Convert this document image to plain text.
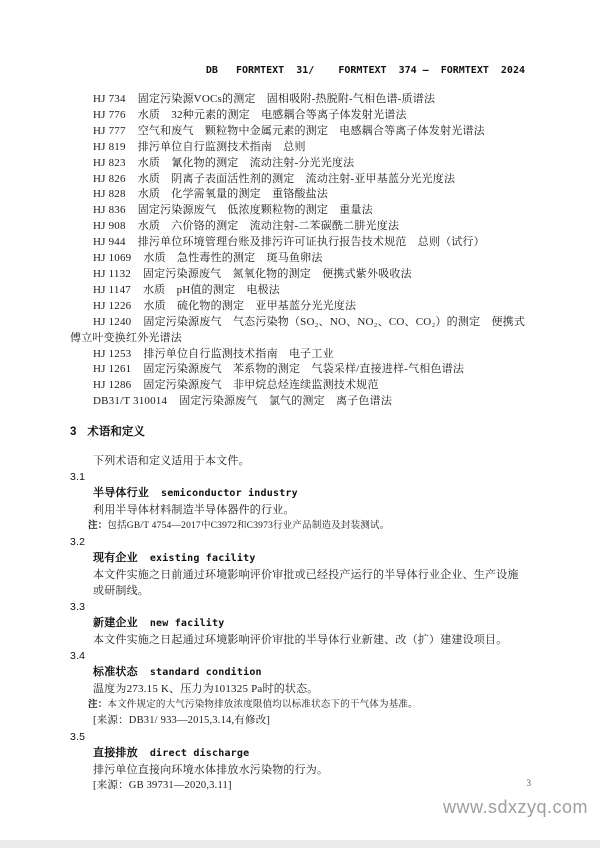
DB   FORMTEXT  31/    FORMTEXT  374 —  FORMTEXT  2024

HJ 734 固定污染源VOCs的测定　固相吸附-热脱附-气相色谱-质谱法

HJ 776 水质　32种元素的测定　电感耦合等离子体发射光谱法

HJ 777 空气和废气　颗粒物中金属元素的测定　电感耦合等离子体发射光谱法

HJ 819 排污单位自行监测技术指南　总则

HJ 823 水质　氰化物的测定　流动注射-分光光度法

HJ 826 水质　阴离子表面活性剂的测定　流动注射-亚甲基蓝分光光度法

HJ 828 水质　化学需氧量的测定　重铬酸盐法

HJ 836 固定污染源废气　低浓度颗粒物的测定　重量法

HJ 908 水质　六价铬的测定　流动注射-二苯碳酰二肼光度法

HJ 944 排污单位环境管理台账及排污许可证执行报告技术规范　总则（试行）

HJ 1069 水质　急性毒性的测定　斑马鱼卵法

HJ 1132 固定污染源废气　氮氧化物的测定　便携式紫外吸收法

HJ 1147 水质　pH值的测定　电极法

HJ 1226 水质　硫化物的测定　亚甲基蓝分光光度法

HJ 1240 固定污染源废气　气态污染物（SO₂、NO、NO₂、CO、CO₂）的测定　便携式傅立叶变换红外光谱法

HJ 1253 排污单位自行监测技术指南　电子工业

HJ 1261 固定污染源废气　苯系物的测定　气袋采样/直接进样-气相色谱法

HJ 1286 固定污染源废气　非甲烷总烃连续监测技术规范

DB31/T 310014 固定污染源废气　氯气的测定　离子色谱法

3 术语和定义

下列术语和定义适用于本文件。

3.1

半导体行业 semiconductor industry

利用半导体材料制造半导体器件的行业。

注：包括GB/T 4754—2017中C3972和C3973行业产品制造及封装测试。

3.2

现有企业 existing facility

本文件实施之日前通过环境影响评价审批或已经投产运行的半导体行业企业、生产设施或研制线。

3.3

新建企业 new facility

本文件实施之日起通过环境影响评价审批的半导体行业新建、改（扩）建建设项目。

3.4

标准状态 standard condition

温度为273.15 K、压力为101325 Pa时的状态。

注：本文件规定的大气污染物排放浓度限值均以标准状态下的干气体为基准。

[来源：DB31/ 933—2015,3.14,有修改]

3.5

直接排放 direct discharge

排污单位直接向环境水体排放水污染物的行为。

[来源：GB 39731—2020,3.11]	3
www.sdxzyq.com
